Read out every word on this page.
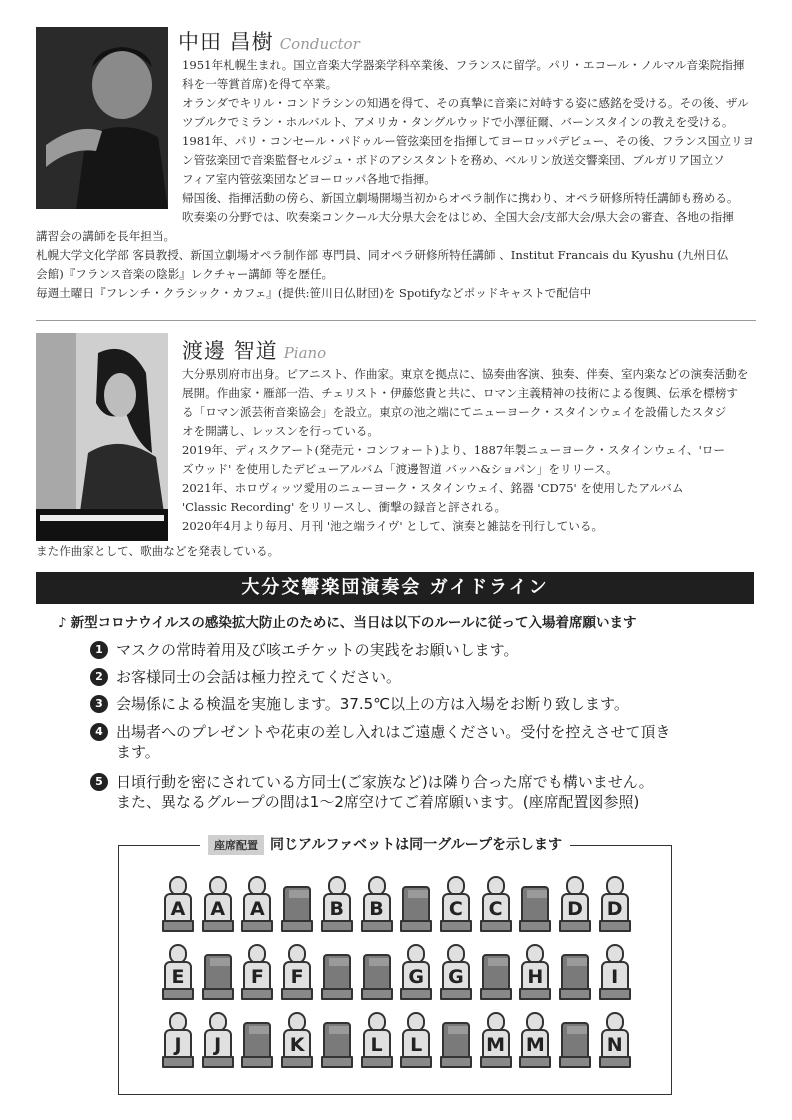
中田 昌樹 Conductor

1951年札幌生まれ。国立音楽大学器楽学科卒業後、フランスに留学。パリ・エコール・ノルマル音楽院指揮

科を一等賞首席)を得て卒業。

オランダでキリル・コンドラシンの知遇を得て、その真摯に音楽に対峙する姿に感銘を受ける。その後、ザル

ツブルクでミラン・ホルバルト、アメリカ・タングルウッドで小澤征爾、バーンスタインの教えを受ける。

1981年、パリ・コンセール・パドゥルー管弦楽団を指揮してヨーロッパデビュー、その後、フランス国立リヨ

ン管弦楽団で音楽監督セルジュ・ボドのアシスタントを務め、ベルリン放送交響楽団、ブルガリア国立ソ

フィア室内管弦楽団などヨーロッパ各地で指揮。

帰国後、指揮活動の傍ら、新国立劇場開場当初からオペラ制作に携わり、オペラ研修所特任講師も務める。

吹奏楽の分野では、吹奏楽コンクール大分県大会をはじめ、全国大会/支部大会/県大会の審査、各地の指揮

講習会の講師を長年担当。

札幌大学文化学部 客員教授、新国立劇場オペラ制作部 専門員、同オペラ研修所特任講師 、Institut Francais du Kyushu (九州日仏

会館)『フランス音楽の陰影』レクチャー講師 等を歴任。

毎週土曜日『フレンチ・クラシック・カフェ』(提供:笹川日仏財団)を Spotifyなどポッドキャストで配信中

渡邊 智道 Piano

大分県別府市出身。ピアニスト、作曲家。東京を拠点に、協奏曲客演、独奏、伴奏、室内楽などの演奏活動を

展開。作曲家・雁部一浩、チェリスト・伊藤悠貴と共に、ロマン主義精神の技術による復興、伝承を標榜す

る「ロマン派芸術音楽協会」を設立。東京の池之端にてニューヨーク・スタインウェイを設備したスタジ

オを開講し、レッスンを行っている。

2019年、ディスクアート(発売元・コンフォート)より、1887年製ニューヨーク・スタインウェイ、'ロー

ズウッド' を使用したデビューアルバム「渡邊智道 バッハ&ショパン」をリリース。

2021年、ホロヴィッツ愛用のニューヨーク・スタインウェイ、銘器 'CD75' を使用したアルバム

'Classic Recording' をリリースし、衝撃の録音と評される。

2020年4月より毎月、月刊 '池之端ライヴ' として、演奏と雑誌を刊行している。

また作曲家として、歌曲などを発表している。

大分交響楽団演奏会 ガイドライン
♪ 新型コロナウイルスの感染拡大防止のために、当日は以下のルールに従って入場着席願います
1 マスクの常時着用及び咳エチケットの実践をお願いします。
2 お客様同士の会話は極力控えてください。
3 会場係による検温を実施します。37.5℃以上の方は入場をお断り致します。
4 出場者へのプレゼントや花束の差し入れはご遠慮ください。受付を控えさせて頂き
ます。
5 日頃行動を密にされている方同士(ご家族など)は隣り合った席でも構いません。
また、異なるグループの間は1～2席空けてご着席願います。(座席配置図参照)
座席配置 同じアルファベットは同一グループを示します
A	A	A	B	B	C	C	D	D
E	F	F	G	G	H	I
J	J	K	L	L	M M	N
